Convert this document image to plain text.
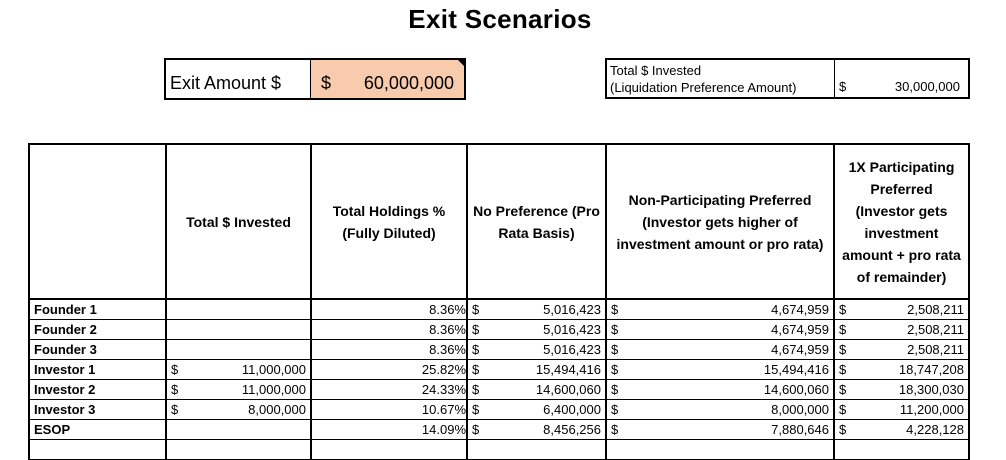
Exit Scenarios
Exit Amount $	$ 60,000,000
Total $ Invested
(Liquidation Preference Amount)	$	30,000,000
	Total $ Invested	Total Holdings % (Fully Diluted)	No Preference (Pro Rata Basis)	Non-Participating Preferred (Investor gets higher of investment amount or pro rata)	1X Participating Preferred (Investor gets investment amount + pro rata of remainder)
Founder 1		8.36%	$ 5,016,423	$ 4,674,959	$ 2,508,211

Founder 2		8.36%	$ 5,016,423	$ 4,674,959	$ 2,508,211

Founder 3		8.36%	$ 5,016,423	$ 4,674,959	$ 2,508,211

Investor 1	$ 11,000,000	25.82%	$ 15,494,416	$ 15,494,416	$ 18,747,208

Investor 2	$ 11,000,000	24.33%	$ 14,600,060	$ 14,600,060	$ 18,300,030

Investor 3	$ 8,000,000	10.67%	$ 6,400,000	$ 8,000,000	$ 11,200,000

ESOP		14.09%	$ 8,456,256	$ 7,880,646	$ 4,228,128
